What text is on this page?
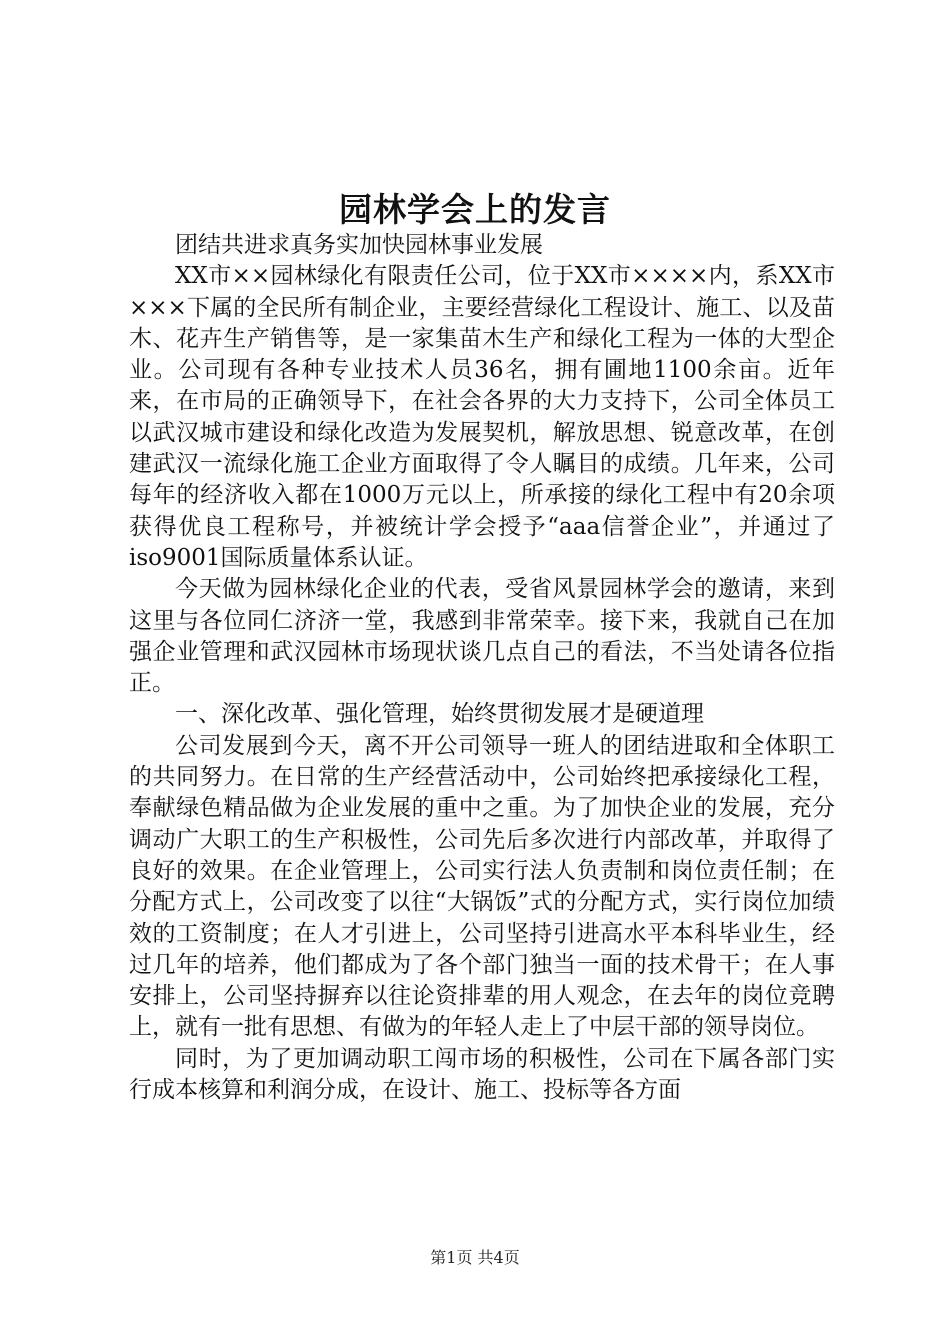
园林学会上的发言

团结共进求真务实加快园林事业发展

XX市××园林绿化有限责任公司，位于XX市××××内，系XX市×××下属的全民所有制企业，主要经营绿化工程设计、施工、以及苗木、花卉生产销售等，是一家集苗木生产和绿化工程为一体的大型企业。公司现有各种专业技术人员36名，拥有圃地1100余亩。近年来，在市局的正确领导下，在社会各界的大力支持下，公司全体员工以武汉城市建设和绿化改造为发展契机，解放思想、锐意改革，在创建武汉一流绿化施工企业方面取得了令人瞩目的成绩。几年来，公司每年的经济收入都在1000万元以上，所承接的绿化工程中有20余项获得优良工程称号，并被统计学会授予“aaa信誉企业”，并通过了iso9001国际质量体系认证。

今天做为园林绿化企业的代表，受省风景园林学会的邀请，来到这里与各位同仁济济一堂，我感到非常荣幸。接下来，我就自己在加强企业管理和武汉园林市场现状谈几点自己的看法，不当处请各位指正。

一、深化改革、强化管理，始终贯彻发展才是硬道理

公司发展到今天，离不开公司领导一班人的团结进取和全体职工的共同努力。在日常的生产经营活动中，公司始终把承接绿化工程，奉献绿色精品做为企业发展的重中之重。为了加快企业的发展，充分调动广大职工的生产积极性，公司先后多次进行内部改革，并取得了良好的效果。在企业管理上，公司实行法人负责制和岗位责任制；在分配方式上，公司改变了以往“大锅饭”式的分配方式，实行岗位加绩效的工资制度；在人才引进上，公司坚持引进高水平本科毕业生，经过几年的培养，他们都成为了各个部门独当一面的技术骨干；在人事安排上，公司坚持摒弃以往论资排辈的用人观念，在去年的岗位竞聘上，就有一批有思想、有做为的年轻人走上了中层干部的领导岗位。

同时，为了更加调动职工闯市场的积极性，公司在下属各部门实行成本核算和利润分成，在设计、施工、投标等各方面

第1页 共4页
